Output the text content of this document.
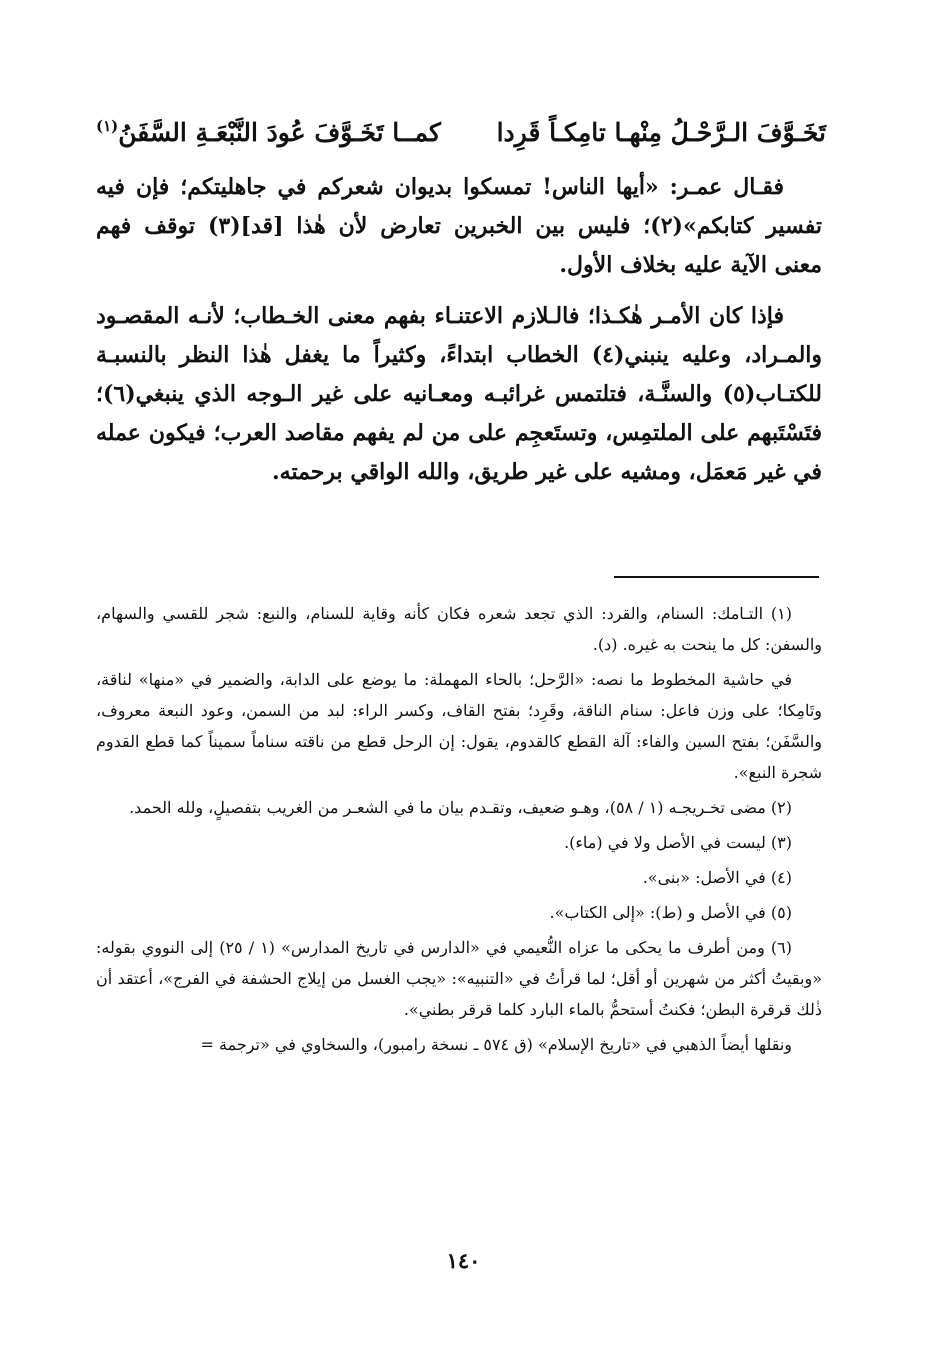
تَخَـوَّفَ الـرَّحْـلُ مِنْهـا تامِكـاً قَرِدا
كمــا تَخَـوَّفَ عُودَ النَّبْعَـةِ السَّفَنُ$^{(١)}$

فقـال عمـر: «أيها الناس! تمسكوا بديوان شعركم في جاهليتكم؛ فإن فيه تفسير كتابكم»(٢)؛ فليس بين الخبرين تعارض لأن هٰذا [قد](٣) توقف فهم معنى الآية عليه بخلاف الأول.

فإذا كان الأمـر هٰكـذا؛ فالـلازم الاعتنـاء بفهم معنى الخـطاب؛ لأنـه المقصـود والمـراد، وعليه ينبني(٤) الخطاب ابتداءً، وكثيراً ما يغفل هٰذا النظر بالنسبـة للكتـاب(٥) والسنَّـة، فتلتمس غرائبـه ومعـانيه على غير الـوجه الذي ينبغي(٦)؛ فتَسْتَبهم على الملتمِس، وتستَعجِم على من لم يفهم مقاصد العرب؛ فيكون عمله في غير مَعمَل، ومشيه على غير طريق، والله الواقي برحمته.

(١) التـامك: السنام، والقرد: الذي تجعد شعره فكان كأنه وقاية للسنام، والنبع: شجر للقسي والسهام، والسفن: كل ما ينحت به غيره. (د).

في حاشية المخطوط ما نصه: «الرَّحل؛ بالحاء المهملة: ما يوضع على الدابة، والضمير في «منها» لناقة، وتَامِكا؛ على وزن فاعل: سنام الناقة، وقَرِد؛ بفتح القاف، وكسر الراء: لبد من السمن، وعود النبعة معروف، والسَّفَن؛ بفتح السين والفاء: آلة القطع كالقدوم، يقول: إن الرحل قطع من ناقته سناماً سميناً كما قطع القدوم شجرة النبع».

(٢) مضى تخـريجـه (١ / ٥٨)، وهـو ضعيف، وتقـدم بيان ما في الشعـر من الغريب بتفصيلٍ، ولله الحمد.

(٣) ليست في الأصل ولا في (ماء).

(٤) في الأصل: «بنى».

(٥) في الأصل و (ط): «إلى الكتاب».

(٦) ومن أطرف ما يحكى ما عزاه النُّعيمي في «الدارس في تاريخ المدارس» (١ / ٢٥) إلى النووي بقوله: «وبقيتُ أكثر من شهرين أو أقل؛ لما قرأتُ في «التنبيه»: «يجب الغسل من إيلاج الحشفة في الفرج»، أعتقد أن ذٰلك قرقرة البطن؛ فكنتُ أستحمُّ بالماء البارد كلما قرقر بطني».

ونقلها أيضاً الذهبي في «تاريخ الإسلام» (ق ٥٧٤ ـ نسخة رامبور)، والسخاوي في «ترجمة =

١٤٠
